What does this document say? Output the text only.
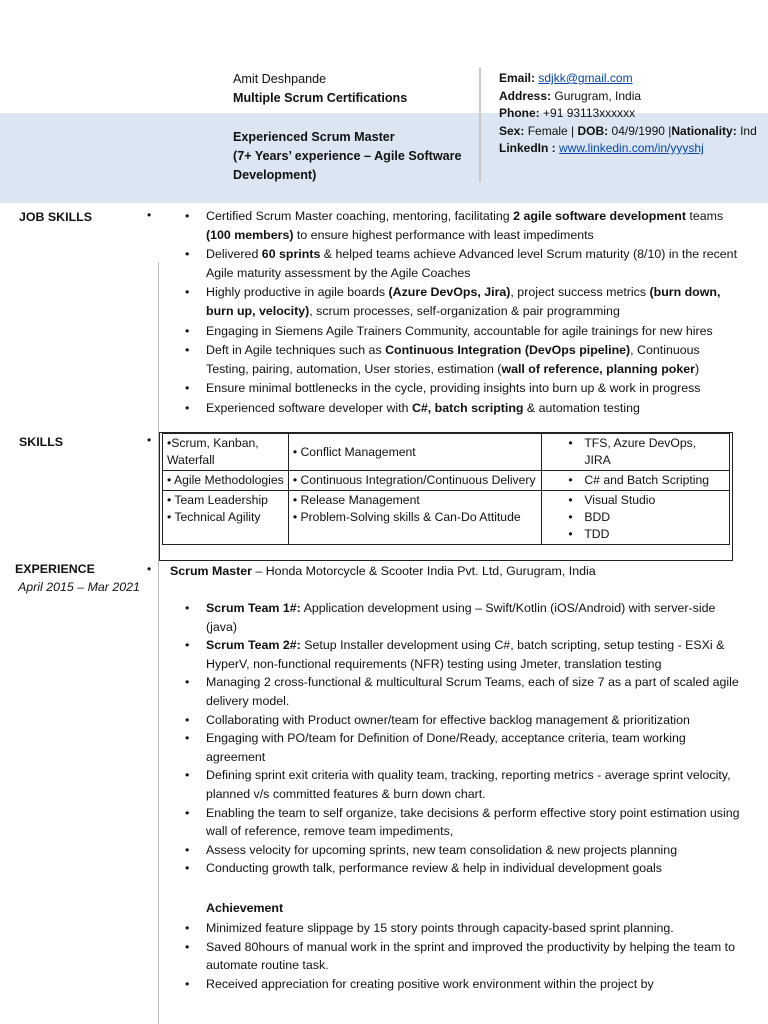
Amit Deshpande
Multiple Scrum Certifications
Experienced Scrum Master
(7+ Years’ experience – Agile Software
Development)
Email: sdjkk@gmail.com
Address: Gurugram, India
Phone: +91 93113xxxxxx
Sex: Female | DOB: 04/9/1990 |Nationality: Ind
LinkedIn : www.linkedin.com/in/yyyshj
JOB SKILLS	•
•	Certified Scrum Master coaching, mentoring, facilitating 2 agile software development teams (100 members) to ensure highest performance with least impediments
• Delivered 60 sprints & helped teams achieve Advanced level Scrum maturity (8/10) in the recent Agile maturity assessment by the Agile Coaches
• Highly productive in agile boards (Azure DevOps, Jira), project success metrics (burn down, burn up, velocity), scrum processes, self-organization & pair programming
• Engaging in Siemens Agile Trainers Community, accountable for agile trainings for new hires
• Deft in Agile techniques such as Continuous Integration (DevOps pipeline), Continuous Testing, pairing, automation, User stories, estimation (wall of reference, planning poker)
• Ensure minimal bottlenecks in the cycle, providing insights into burn up & work in progress
• Experienced software developer with C#, batch scripting & automation testing
SKILLS	• •Scrum, Kanban, Waterfall	• Conflict Management	
• TFS, Azure DevOps, JIRA

• Agile Methodologies	• Continuous Integration/Continuous Delivery	
•C# and Batch Scripting

• Team Leadership
• Technical Agility

• Release Management
• Problem-Solving skills & Can-Do Attitude

• Visual Studio
• BDD
• TDD
EXPERIENCE	•
April 2015 – Mar 2021
Scrum Master – Honda Motorcycle & Scooter India Pvt. Ltd, Gurugram, India
• Scrum Team 1#: Application development using – Swift/Kotlin (iOS/Android) with server-side (java)
• Scrum Team 2#: Setup Installer development using C#, batch scripting, setup testing - ESXi & HyperV, non-functional requirements (NFR) testing using Jmeter, translation testing
• Managing 2 cross-functional & multicultural Scrum Teams, each of size 7 as a part of scaled agile delivery model.
• Collaborating with Product owner/team for effective backlog management & prioritization
• Engaging with PO/team for Definition of Done/Ready, acceptance criteria, team working agreement
• Defining sprint exit criteria with quality team, tracking, reporting metrics - average sprint velocity, planned v/s committed features & burn down chart.
• Enabling the team to self organize, take decisions & perform effective story point estimation using wall of reference, remove team impediments,
• Assess velocity for upcoming sprints, new team consolidation & new projects planning
• Conducting growth talk, performance review & help in individual development goals
Achievement
• Minimized feature slippage by 15 story points through capacity-based sprint planning.
• Saved 80hours of manual work in the sprint and improved the productivity by helping the team to automate routine task.
• Received appreciation for creating positive work environment within the project by
